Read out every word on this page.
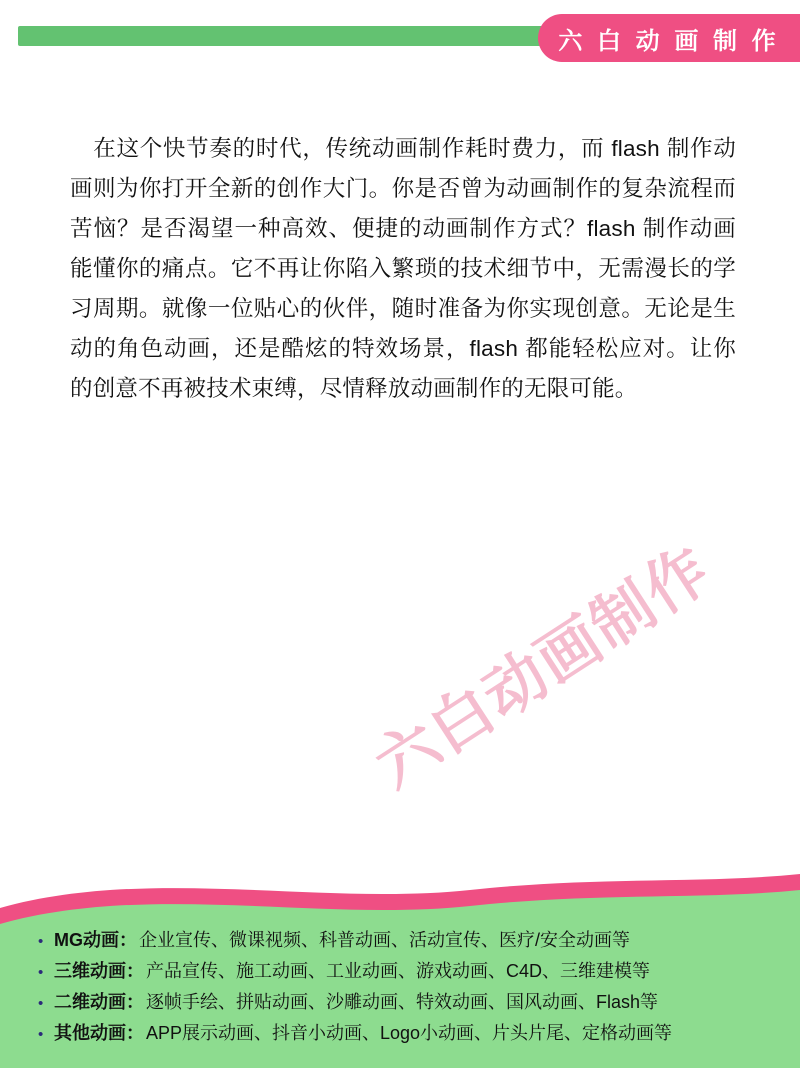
六 白 动 画 制 作

　在这个快节奏的时代，传统动画制作耗时费力，而 flash 制作动画则为你打开全新的创作大门。你是否曾为动画制作的复杂流程而苦恼？是否渴望一种高效、便捷的动画制作方式？flash 制作动画能懂你的痛点。它不再让你陷入繁琐的技术细节中，无需漫长的学习周期。就像一位贴心的伙伴，随时准备为你实现创意。无论是生动的角色动画，还是酷炫的特效场景，flash 都能轻松应对。让你的创意不再被技术束缚，尽情释放动画制作的无限可能。

六白动画制作
• MG动画 ： 企业宣传、微课视频、科普动画、活动宣传、医疗/安全动画等
• 三维动画 ： 产品宣传、施工动画、工业动画、游戏动画、C4D、三维建模等
• 二维动画 ： 逐帧手绘、拼贴动画、沙雕动画、特效动画、国风动画、Flash等
• 其他动画 ： APP展示动画、抖音小动画、Logo小动画、片头片尾、定格动画等
